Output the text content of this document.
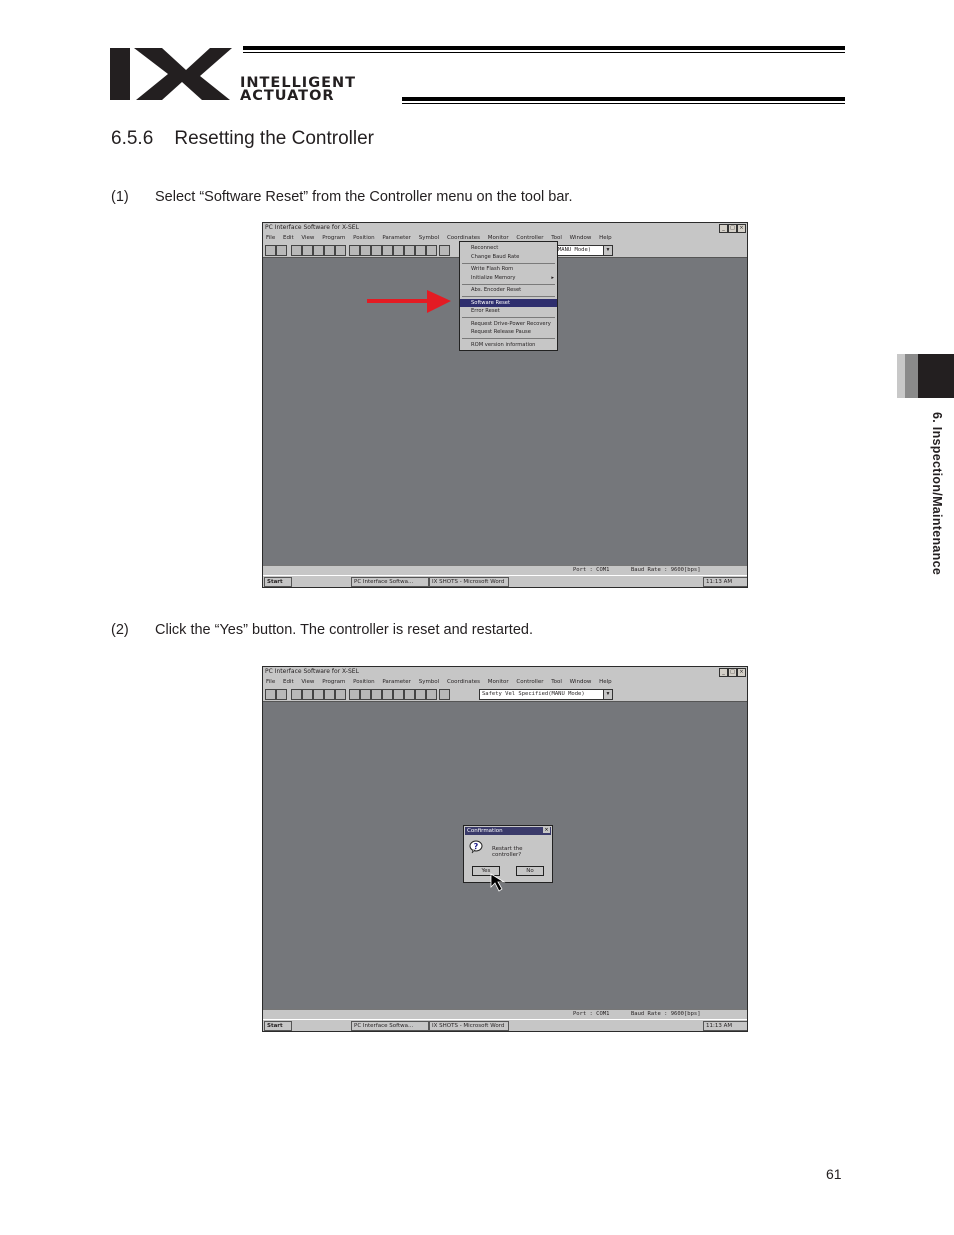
INTELLIGENT
ACTUATOR
6.5.6    Resetting the Controller
(1) Select “Software Reset” from the Controller menu on the tool bar.
PC Interface Software for X-SEL	_	□ ×
File Edit View Program Position Parameter Symbol Coordinates Monitor Controller Tool Window Help
MANU Mode)	▼
Reconnect
Change Baud Rate
Write Flash Rom
Initialize Memory	▸
Abs. Encoder Reset
Software Reset
Error Reset
Request Drive-Power Recovery
Request Release Pause
ROM version information
Port : COM1	Baud Rate : 9600[bps]
Start	PC Interface Softwa...	IX SHOTS - Microsoft Word	11:13 AM
(2) Click the “Yes” button. The controller is reset and restarted.
PC Interface Software for X-SEL	_	□ ×
File Edit View Program Position Parameter Symbol Coordinates Monitor Controller Tool Window Help
Safety Vel Specified(MANU Mode)	▼
Confirmation	×
? Restart the controller?
Yes	No
Port : COM1	Baud Rate : 9600[bps]
Start	PC Interface Softwa...	IX SHOTS - Microsoft Word	11:13 AM
6. Inspection/Maintenance
61
